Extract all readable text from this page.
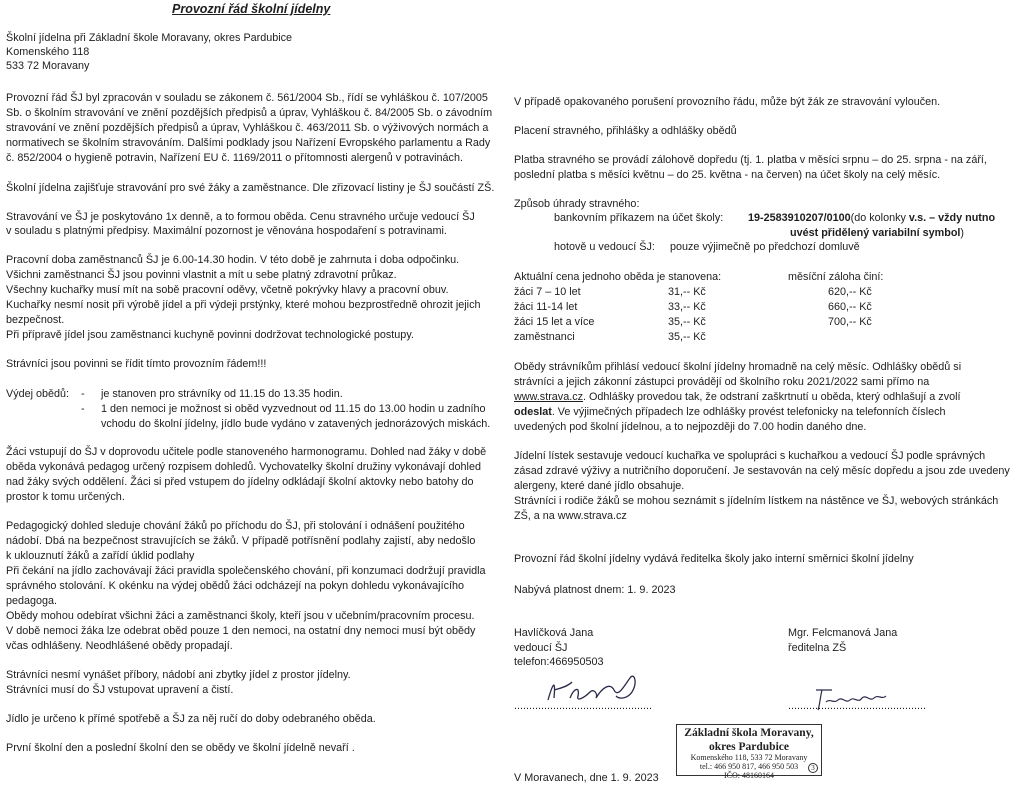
Provozní řád školní jídelny
Školní jídelna při Základní škole Moravany, okres Pardubice
Komenského 118
533 72 Moravany
Provozní řád ŠJ byl zpracován v souladu se zákonem č. 561/2004 Sb., řídí se vyhláškou č. 107/2005
Sb. o školním stravování ve znění pozdějších předpisů a úprav, Vyhláškou č. 84/2005 Sb. o závodním
stravování ve znění pozdějších předpisů a úprav, Vyhláškou č. 463/2011 Sb. o výživových normách a
normativech se školním stravováním. Dalšími podklady jsou Nařízení Evropského parlamentu a Rady
č. 852/2004 o hygieně potravin, Nařízení EU č. 1169/2011 o přítomnosti alergenů v potravinách.
Školní jídelna zajišťuje stravování pro své žáky a zaměstnance. Dle zřizovací listiny je ŠJ součástí ZŠ.
Stravování ve ŠJ je poskytováno 1x denně, a to formou oběda. Cenu stravného určuje vedoucí ŠJ
v souladu s platnými předpisy. Maximální pozornost je věnována hospodaření s potravinami.
Pracovní doba zaměstnanců ŠJ je 6.00-14.30 hodin. V této době je zahrnuta i doba odpočinku.
Všichni zaměstnanci ŠJ jsou povinni vlastnit a mít u sebe platný zdravotní průkaz.
Všechny kuchařky musí mít na sobě pracovní oděvy, včetně pokrývky hlavy a pracovní obuv.
Kuchařky nesmí nosit při výrobě jídel a při výdeji prstýnky, které mohou bezprostředně ohrozit jejich
bezpečnost.
Při přípravě jídel jsou zaměstnanci kuchyně povinni dodržovat technologické postupy.
Strávníci jsou povinni se řídit tímto provozním řádem!!!
Výdej obědů: - je stanoven pro strávníky od 11.15 do 13.35 hodin.
- 1 den nemoci je možnost si oběd vyzvednout od 11.15 do 13.00 hodin u zadního
vchodu do školní jídelny, jídlo bude vydáno v zatavených jednorázových miskách.
Žáci vstupují do ŠJ v doprovodu učitele podle stanoveného harmonogramu. Dohled nad žáky v době
oběda vykonává pedagog určený rozpisem dohledů. Vychovatelky školní družiny vykonávají dohled
nad žáky svých oddělení. Žáci si před vstupem do jídelny odkládají školní aktovky nebo batohy do
prostor k tomu určených.
Pedagogický dohled sleduje chování žáků po příchodu do ŠJ, při stolování i odnášení použitého
nádobí. Dbá na bezpečnost stravujících se žáků. V případě potřísnění podlahy zajistí, aby nedošlo
k uklouznutí žáků a zařídí úklid podlahy
Při čekání na jídlo zachovávají žáci pravidla společenského chování, při konzumaci dodržují pravidla
správného stolování. K okénku na výdej obědů žáci odcházejí na pokyn dohledu vykonávajícího
pedagoga.
Obědy mohou odebírat všichni žáci a zaměstnanci školy, kteří jsou v učebním/pracovním procesu.
V době nemoci žáka lze odebrat oběd pouze 1 den nemoci, na ostatní dny nemoci musí být obědy
včas odhlášeny. Neodhlášené obědy propadají.
Strávníci nesmí vynášet příbory, nádobí ani zbytky jídel z prostor jídelny.
Strávníci musí do ŠJ vstupovat upravení a čistí.
Jídlo je určeno k přímé spotřebě a ŠJ za něj ručí do doby odebraného oběda.
První školní den a poslední školní den se obědy ve školní jídelně nevaří .
V případě opakovaného porušení provozního řádu, může být žák ze stravování vyloučen.
Placení stravného, přihlášky a odhlášky obědů
Platba stravného se provádí zálohově dopředu (tj. 1. platba v měsíci srpnu – do 25. srpna - na září,
poslední platba s měsíci květnu – do 25. května - na červen) na účet školy na celý měsíc.
Způsob úhrady stravného:
bankovním příkazem na účet školy: 19-2583910207/0100(do kolonky v.s. – vždy nutno
uvést přidělený variabilní symbol)
hotově u vedoucí ŠJ: pouze výjimečně po předchozí domluvě
Aktuální cena jednoho oběda je stanovena:	měsíční záloha činí:
žáci 7 – 10 let	31,-- Kč	620,-- Kč
žáci 11-14 let	33,-- Kč	660,-- Kč
žáci 15 let a více	35,-- Kč	700,-- Kč
zaměstnanci	35,-- Kč
Obědy strávníkům přihlásí vedoucí školní jídelny hromadně na celý měsíc. Odhlášky obědů si
strávníci a jejich zákonní zástupci provádějí od školního roku 2021/2022 sami přímo na
www.strava.cz. Odhlášky provedou tak, že odstraní zaškrtnutí u oběda, který odhlašují a zvolí
odeslat. Ve výjimečných případech lze odhlášky provést telefonicky na telefonních číslech
uvedených pod školní jídelnou, a to nejpozději do 7.00 hodin daného dne.
Jídelní lístek sestavuje vedoucí kuchařka ve spolupráci s kuchařkou a vedoucí ŠJ podle správných
zásad zdravé výživy a nutričního doporučení. Je sestavován na celý měsíc dopředu a jsou zde uvedeny
alergeny, které dané jídlo obsahuje.
Strávníci i rodiče žáků se mohou seznámit s jídelním lístkem na nástěnce ve ŠJ, webových stránkách
ZŠ, a na www.strava.cz
Provozní řád školní jídelny vydává ředitelka školy jako interní směrnici školní jídelny
Nabývá platnost dnem: 1. 9. 2023
Havlíčková Jana
vedoucí ŠJ
telefon:466950503
Mgr. Felcmanová Jana
ředitelna ZŠ
..............................................	..............................................
Základní škola Moravany,
okres Pardubice
Komenského 118, 533 72 Moravany
tel.: 466 950 817, 466 950 503
IČO: 48160164
3
V Moravanech, dne 1. 9. 2023
